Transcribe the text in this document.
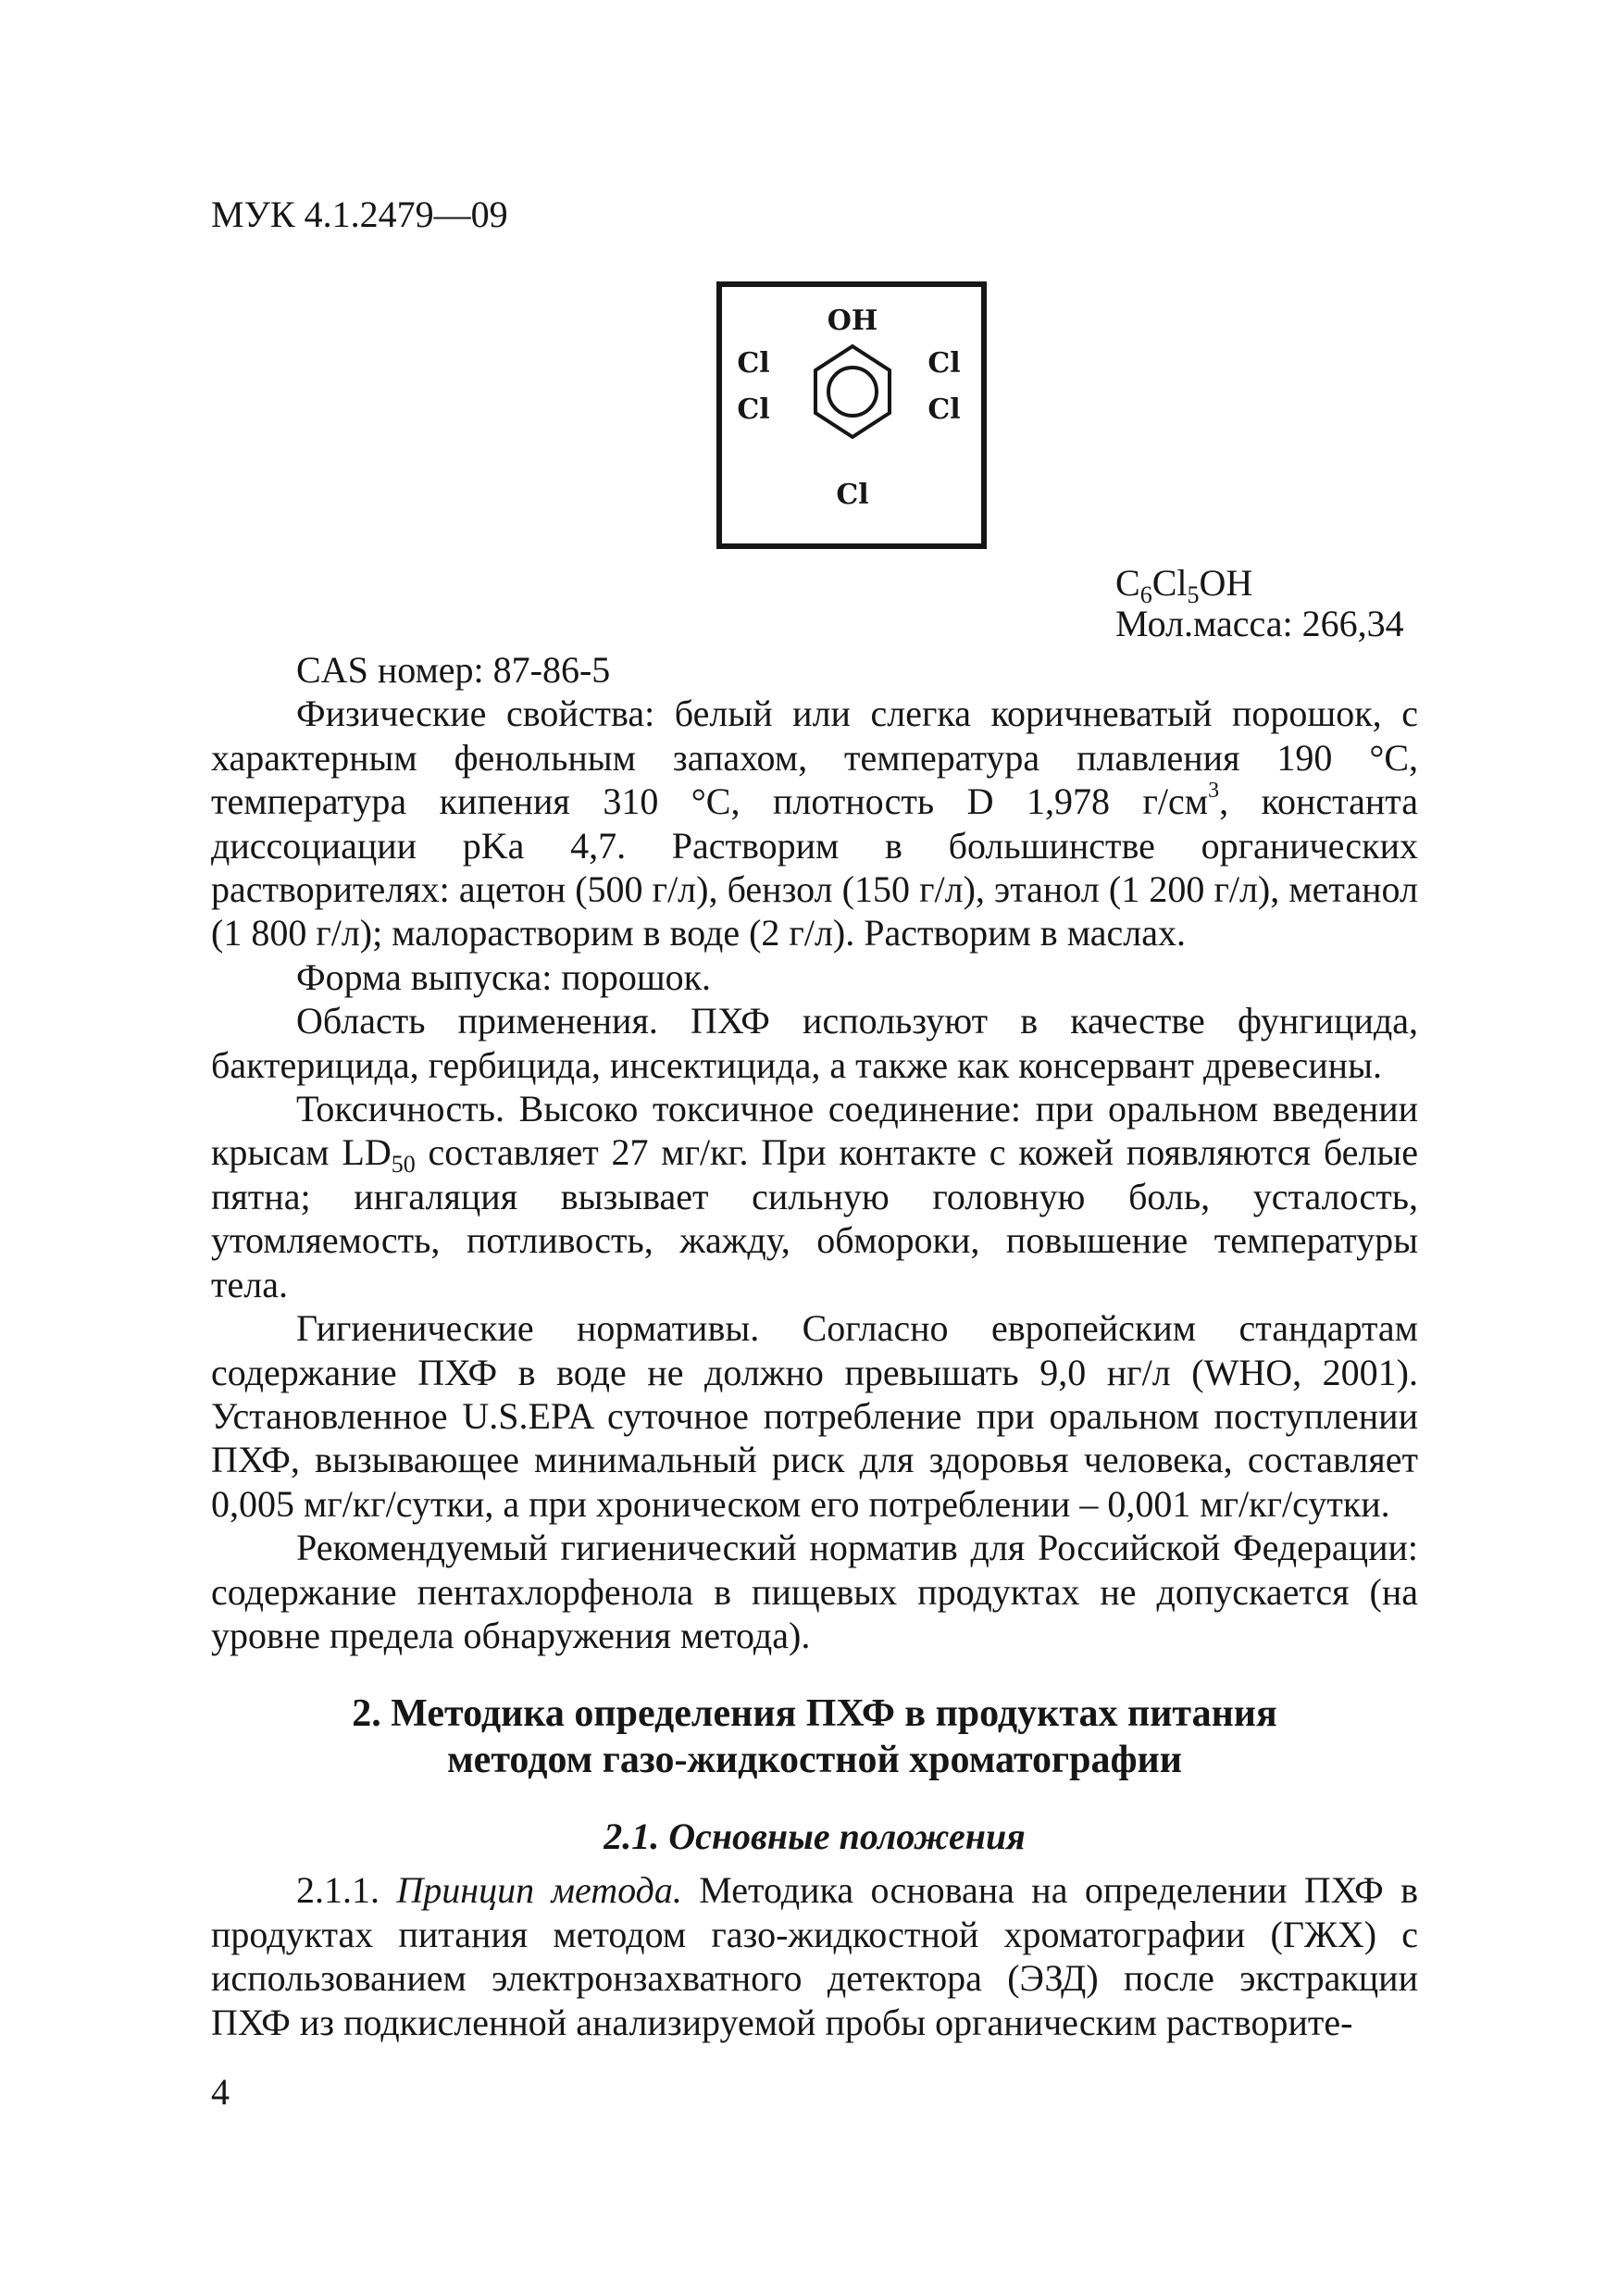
МУК 4.1.2479—09
OH
Cl
Cl
Cl
Cl
Cl
$C_6Cl_5OH$
Мол.масса: 266,34

CAS номер: 87-86-5

Физические свойства: белый или слегка коричневатый порошок, с характерным фенольным запахом, температура плавления 190 °С, температура кипения 310 °С, плотность D 1,978 $г/см^3$, константа диссоциации pKa 4,7. Растворим в большинстве органических растворителях: ацетон (500 г/л), бензол (150 г/л), этанол (1 200 г/л), метанол (1 800 г/л); малорастворим в воде (2 г/л). Растворим в маслах.

Форма выпуска: порошок.

Область применения. ПХФ используют в качестве фунгицида, бактерицида, гербицида, инсектицида, а также как консервант древесины.

Токсичность. Высоко токсичное соединение: при оральном введении крысам $LD_{50}$ составляет 27 мг/кг. При контакте с кожей появляются белые пятна; ингаляция вызывает сильную головную боль, усталость, утомляемость, потливость, жажду, обмороки, повышение температуры тела.

Гигиенические нормативы. Согласно европейским стандартам содержание ПХФ в воде не должно превышать 9,0 нг/л (WHO, 2001). Установленное U.S.EPA суточное потребление при оральном поступлении ПХФ, вызывающее минимальный риск для здоровья человека, составляет 0,005 мг/кг/сутки, а при хроническом его потреблении – 0,001 мг/кг/сутки.

Рекомендуемый гигиенический норматив для Российской Федерации: содержание пентахлорфенола в пищевых продуктах не допускается (на уровне предела обнаружения метода).

2. Методика определения ПХФ в продуктах питания
методом газо-жидкостной хроматографии
2.1. Основные положения

2.1.1. Принцип метода. Методика основана на определении ПХФ в продуктах питания методом газо-жидкостной хроматографии (ГЖХ) с использованием электронзахватного детектора (ЭЗД) после экстракции ПХФ из подкисленной анализируемой пробы органическим растворите-

4
